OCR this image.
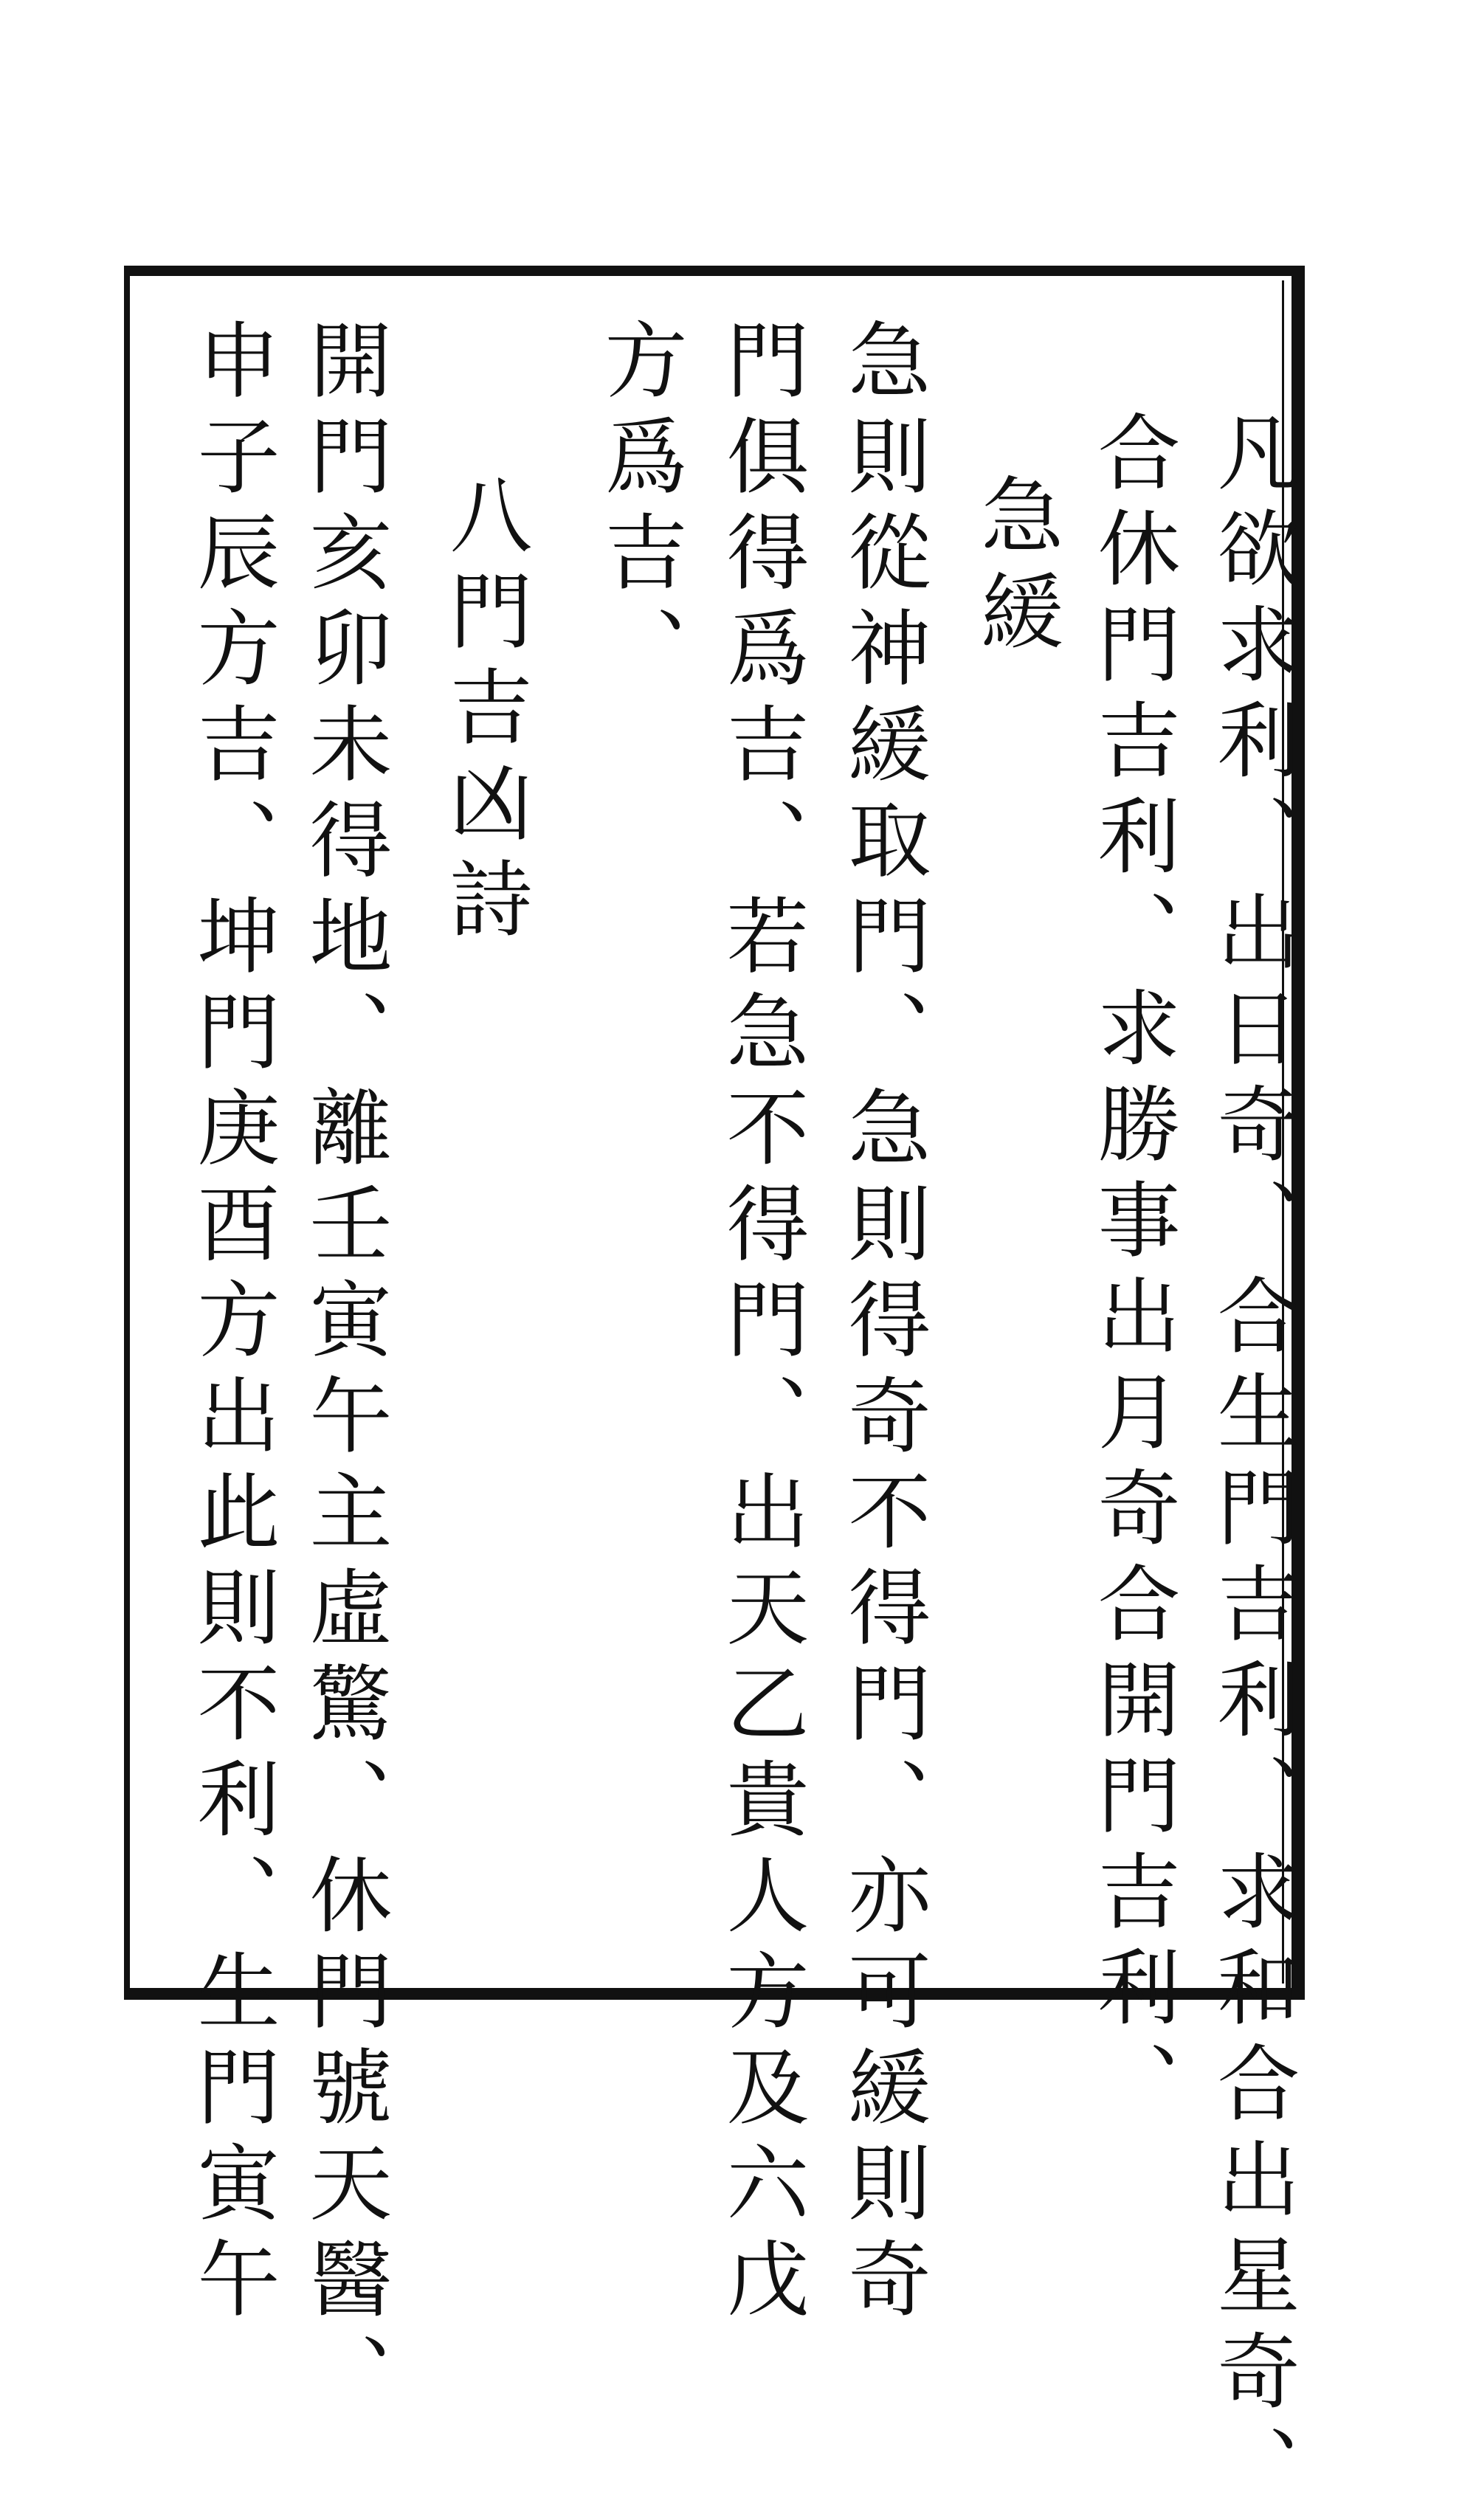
凡欲求利、出日奇、合生門吉利、求和合出星奇、
合休門吉利、求勝事出月奇合開門吉利、
急緩
急則從神緩取門、急則得奇不得門、亦可緩則奇
門俱得爲吉、若急不得門、出天乙貴人方及六戊
方爲吉、
八門吉凶詩
開門亥卯未得地、離壬寅午主虛驚、休門號天醫、
申子辰方吉、坤門庚酉方出此則不利、生門寅午
